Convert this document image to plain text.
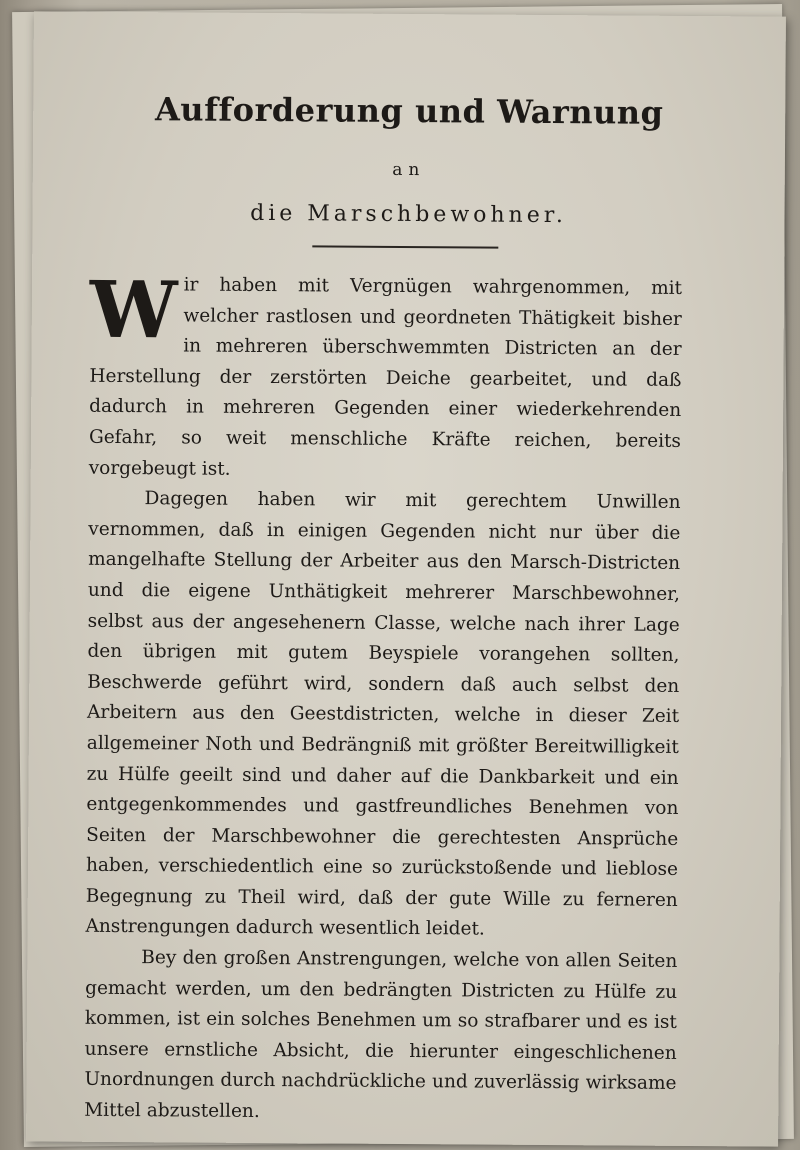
Aufforderung und Warnung
an
die Marschbewohner.

Wir haben mit Vergnügen wahrgenommen, mit welcher rastlosen und geordneten Thätigkeit bisher in mehreren überschwemmten Districten an der Herstellung der zerstörten Deiche gearbeitet, und daß dadurch in mehreren Gegenden einer wiederkehrenden Gefahr, so weit menschliche Kräfte reichen, bereits vorgebeugt ist.

Dagegen haben wir mit gerechtem Unwillen vernommen, daß in einigen Gegenden nicht nur über die mangelhafte Stellung der Arbeiter aus den Marsch-Districten und die eigene Unthätigkeit mehrerer Marschbewohner, selbst aus der angesehenern Classe, welche nach ihrer Lage den übrigen mit gutem Beyspiele vorangehen sollten, Beschwerde geführt wird, sondern daß auch selbst den Arbeitern aus den Geestdistricten, welche in dieser Zeit allgemeiner Noth und Bedrängniß mit größter Bereitwilligkeit zu Hülfe geeilt sind und daher auf die Dankbarkeit und ein entgegenkommendes und gastfreundliches Benehmen von Seiten der Marschbewohner die gerechtesten Ansprüche haben, verschiedentlich eine so zurückstoßende und lieblose Begegnung zu Theil wird, daß der gute Wille zu ferneren Anstrengungen dadurch wesentlich leidet.

Bey den großen Anstrengungen, welche von allen Seiten gemacht werden, um den bedrängten Districten zu Hülfe zu kommen, ist ein solches Benehmen um so strafbarer und es ist unsere ernstliche Absicht, die hierunter eingeschlichenen Unordnungen durch nachdrückliche und zuverlässig wirksame Mittel abzustellen.
